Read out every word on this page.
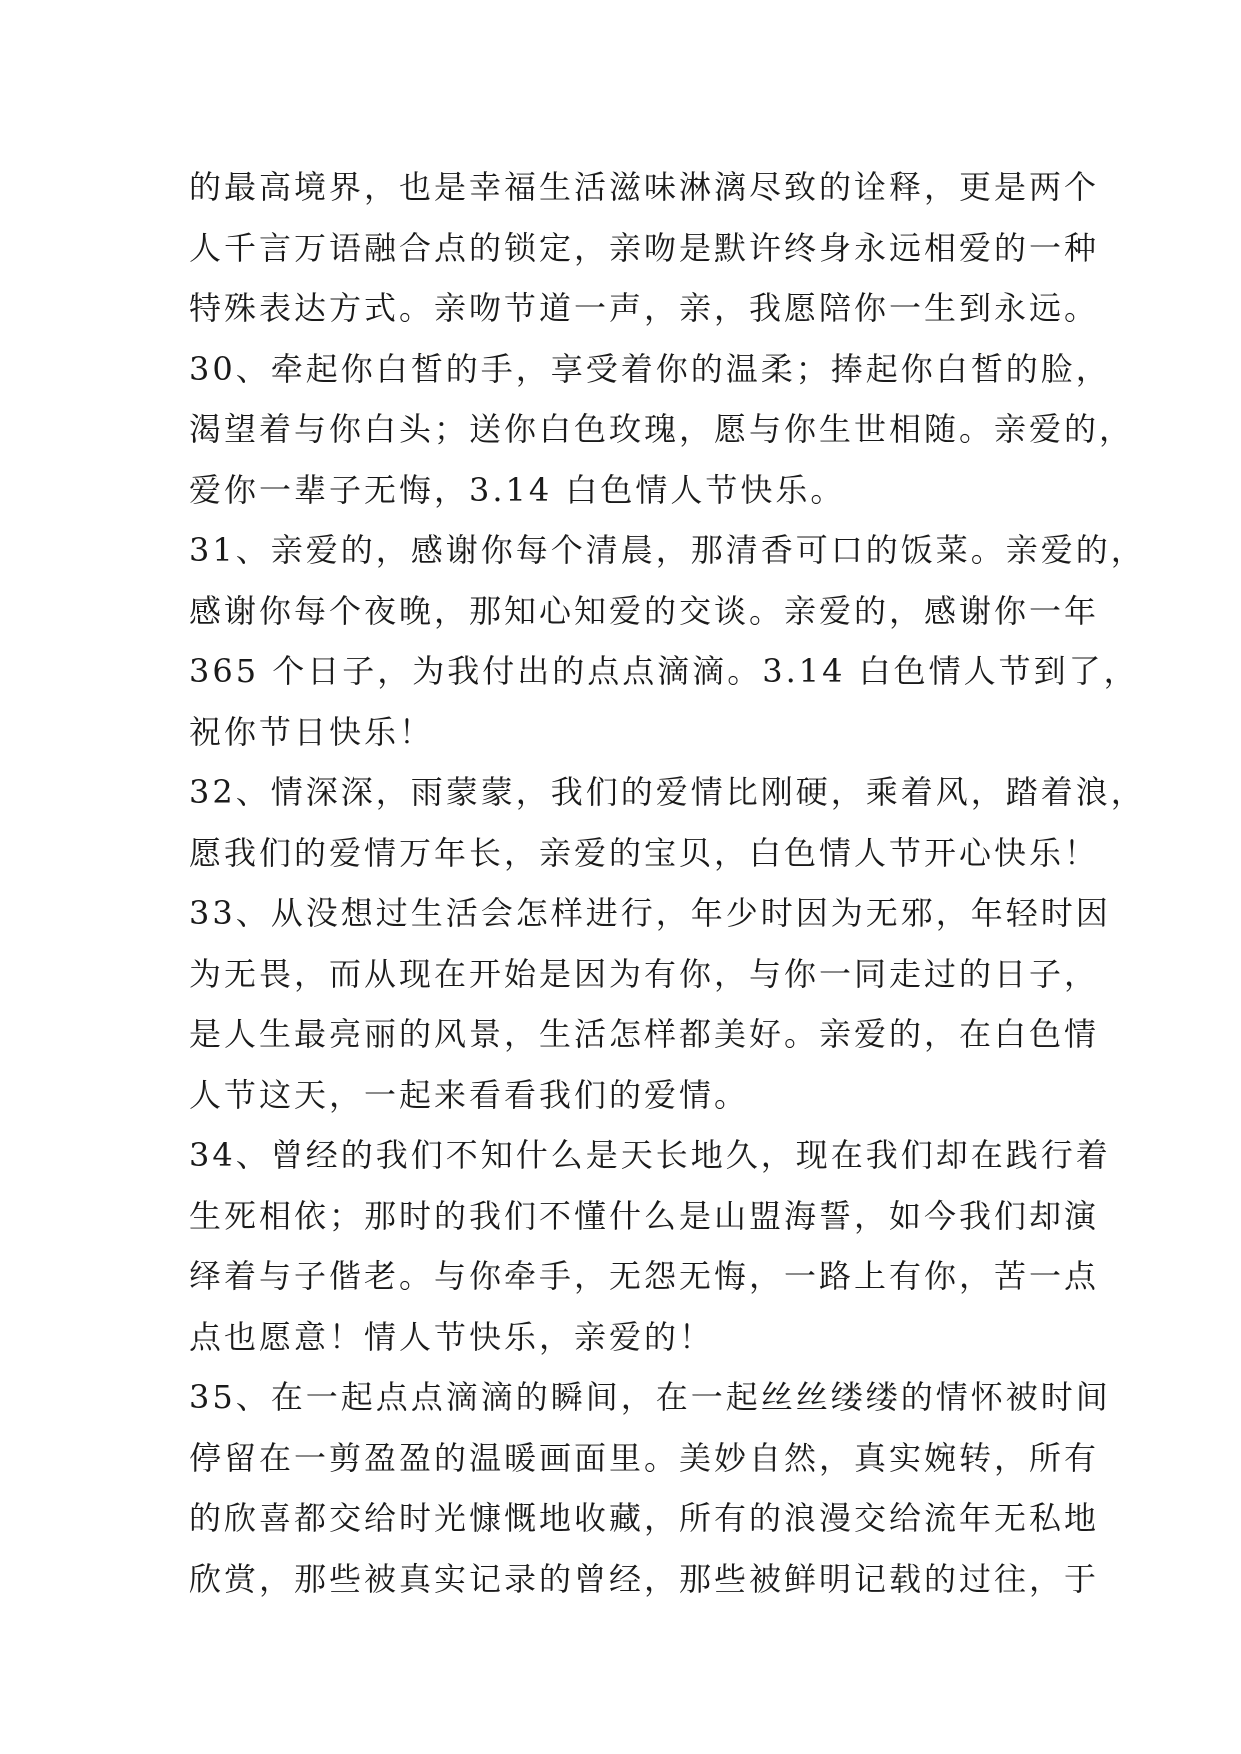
的最高境界，也是幸福生活滋味淋漓尽致的诠释，更是两个
人千言万语融合点的锁定，亲吻是默许终身永远相爱的一种
特殊表达方式。亲吻节道一声，亲，我愿陪你一生到永远。
30、牵起你白皙的手，享受着你的温柔；捧起你白皙的脸，
渴望着与你白头；送你白色玫瑰，愿与你生世相随。亲爱的，
爱你一辈子无悔，3.14 白色情人节快乐。
31、亲爱的，感谢你每个清晨，那清香可口的饭菜。亲爱的，
感谢你每个夜晚，那知心知爱的交谈。亲爱的，感谢你一年
365 个日子，为我付出的点点滴滴。3.14 白色情人节到了，
祝你节日快乐！
32、情深深，雨蒙蒙，我们的爱情比刚硬，乘着风，踏着浪，
愿我们的爱情万年长，亲爱的宝贝，白色情人节开心快乐！
33、从没想过生活会怎样进行，年少时因为无邪，年轻时因
为无畏，而从现在开始是因为有你，与你一同走过的日子，
是人生最亮丽的风景，生活怎样都美好。亲爱的，在白色情
人节这天，一起来看看我们的爱情。
34、曾经的我们不知什么是天长地久，现在我们却在践行着
生死相依；那时的我们不懂什么是山盟海誓，如今我们却演
绎着与子偕老。与你牵手，无怨无悔，一路上有你，苦一点
点也愿意！情人节快乐，亲爱的！
35、在一起点点滴滴的瞬间，在一起丝丝缕缕的情怀被时间
停留在一剪盈盈的温暖画面里。美妙自然，真实婉转，所有
的欣喜都交给时光慷慨地收藏，所有的浪漫交给流年无私地
欣赏，那些被真实记录的曾经，那些被鲜明记载的过往，于
